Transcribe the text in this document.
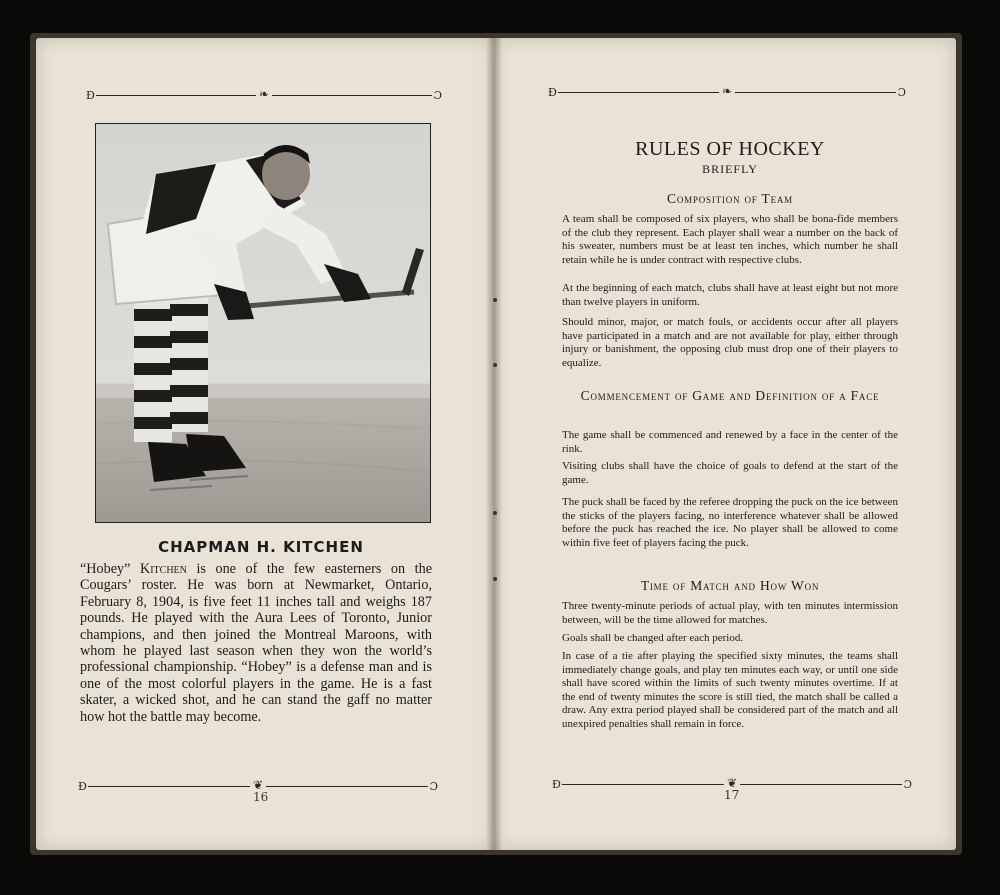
Ɖ	❧	Ɔ
CHAPMAN H. KITCHEN
“Hobey” Kitchen is one of the few easterners on the Cougars’ roster. He was born at Newmarket, Ontario, February 8, 1904, is five feet 11 inches tall and weighs 187 pounds. He played with the Aura Lees of Toronto, Junior champions, and then joined the Montreal Maroons, with whom he played last season when they won the world’s professional championship. “Hobey” is a defense man and is one of the most colorful players in the game. He is a fast skater, a wicked shot, and he can stand the gaff no matter how hot the battle may become.
Ɖ	❦	Ɔ
16
Ɖ	❧	Ɔ
RULES OF HOCKEY
BRIEFLY
Composition of Team
A team shall be composed of six players, who shall be bona-fide members of the club they represent. Each player shall wear a number on the back of his sweater, numbers must be at least ten inches, which number he shall retain while he is under contract with respective clubs.
At the beginning of each match, clubs shall have at least eight but not more than twelve players in uniform.
Should minor, major, or match fouls, or accidents occur after all players have participated in a match and are not available for play, either through injury or banishment, the opposing club must drop one of their players to equalize.
Commencement of Game and Definition of a Face
The game shall be commenced and renewed by a face in the center of the rink.
Visiting clubs shall have the choice of goals to defend at the start of the game.
The puck shall be faced by the referee dropping the puck on the ice between the sticks of the players facing, no interference whatever shall be allowed before the puck has reached the ice. No player shall be allowed to come within five feet of players facing the puck.
Time of Match and How Won
Three twenty-minute periods of actual play, with ten minutes intermission between, will be the time allowed for matches.
Goals shall be changed after each period.
In case of a tie after playing the specified sixty minutes, the teams shall immediately change goals, and play ten minutes each way, or until one side shall have scored within the limits of such twenty minutes overtime. If at the end of twenty minutes the score is still tied, the match shall be called a draw. Any extra period played shall be considered part of the match and all unexpired penalties shall remain in force.
Ɖ	❦	Ɔ
17
